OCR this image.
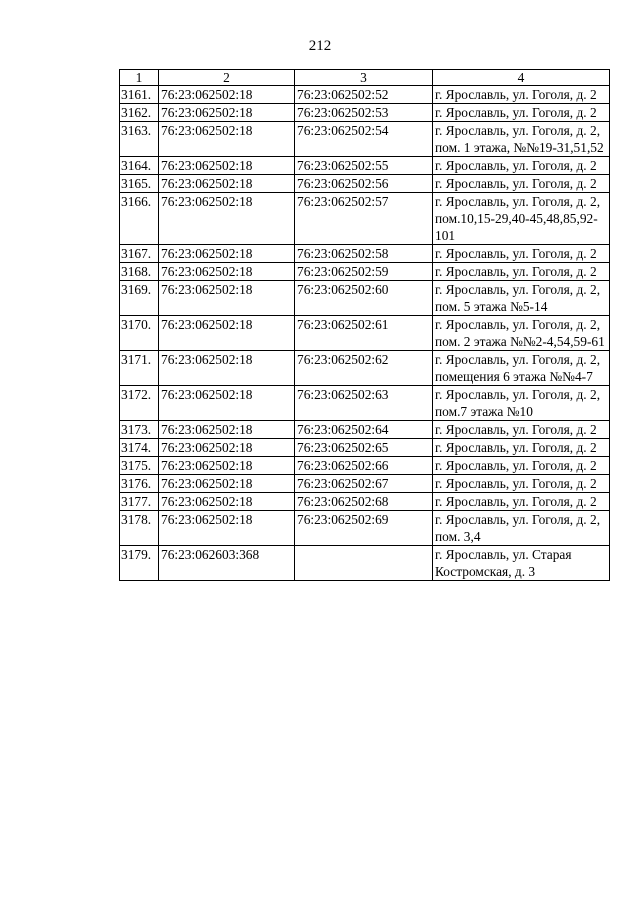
212
1	2	3	4
3161.	76:23:062502:18	76:23:062502:52	г. Ярославль, ул. Гоголя, д. 2
3162.	76:23:062502:18	76:23:062502:53	г. Ярославль, ул. Гоголя, д. 2
3163.	76:23:062502:18	76:23:062502:54	г. Ярославль, ул. Гоголя, д. 2, пом. 1 этажа, №№19-31,51,52
3164.	76:23:062502:18	76:23:062502:55	г. Ярославль, ул. Гоголя, д. 2
3165.	76:23:062502:18	76:23:062502:56	г. Ярославль, ул. Гоголя, д. 2
3166.	76:23:062502:18	76:23:062502:57	г. Ярославль, ул. Гоголя, д. 2, пом.10,15-29,40-45,48,85,92-101
3167.	76:23:062502:18	76:23:062502:58	г. Ярославль, ул. Гоголя, д. 2
3168.	76:23:062502:18	76:23:062502:59	г. Ярославль, ул. Гоголя, д. 2
3169.	76:23:062502:18	76:23:062502:60	г. Ярославль, ул. Гоголя, д. 2, пом. 5 этажа №5-14
3170.	76:23:062502:18	76:23:062502:61	г. Ярославль, ул. Гоголя, д. 2, пом. 2 этажа №№2-4,54,59-61
3171.	76:23:062502:18	76:23:062502:62	г. Ярославль, ул. Гоголя, д. 2, помещения 6 этажа №№4-7
3172.	76:23:062502:18	76:23:062502:63	г. Ярославль, ул. Гоголя, д. 2, пом.7 этажа №10
3173.	76:23:062502:18	76:23:062502:64	г. Ярославль, ул. Гоголя, д. 2
3174.	76:23:062502:18	76:23:062502:65	г. Ярославль, ул. Гоголя, д. 2
3175.	76:23:062502:18	76:23:062502:66	г. Ярославль, ул. Гоголя, д. 2
3176.	76:23:062502:18	76:23:062502:67	г. Ярославль, ул. Гоголя, д. 2
3177.	76:23:062502:18	76:23:062502:68	г. Ярославль, ул. Гоголя, д. 2
3178.	76:23:062502:18	76:23:062502:69	г. Ярославль, ул. Гоголя, д. 2, пом. 3,4
3179.	76:23:062603:368		г. Ярославль, ул. Старая Костромская, д. 3
